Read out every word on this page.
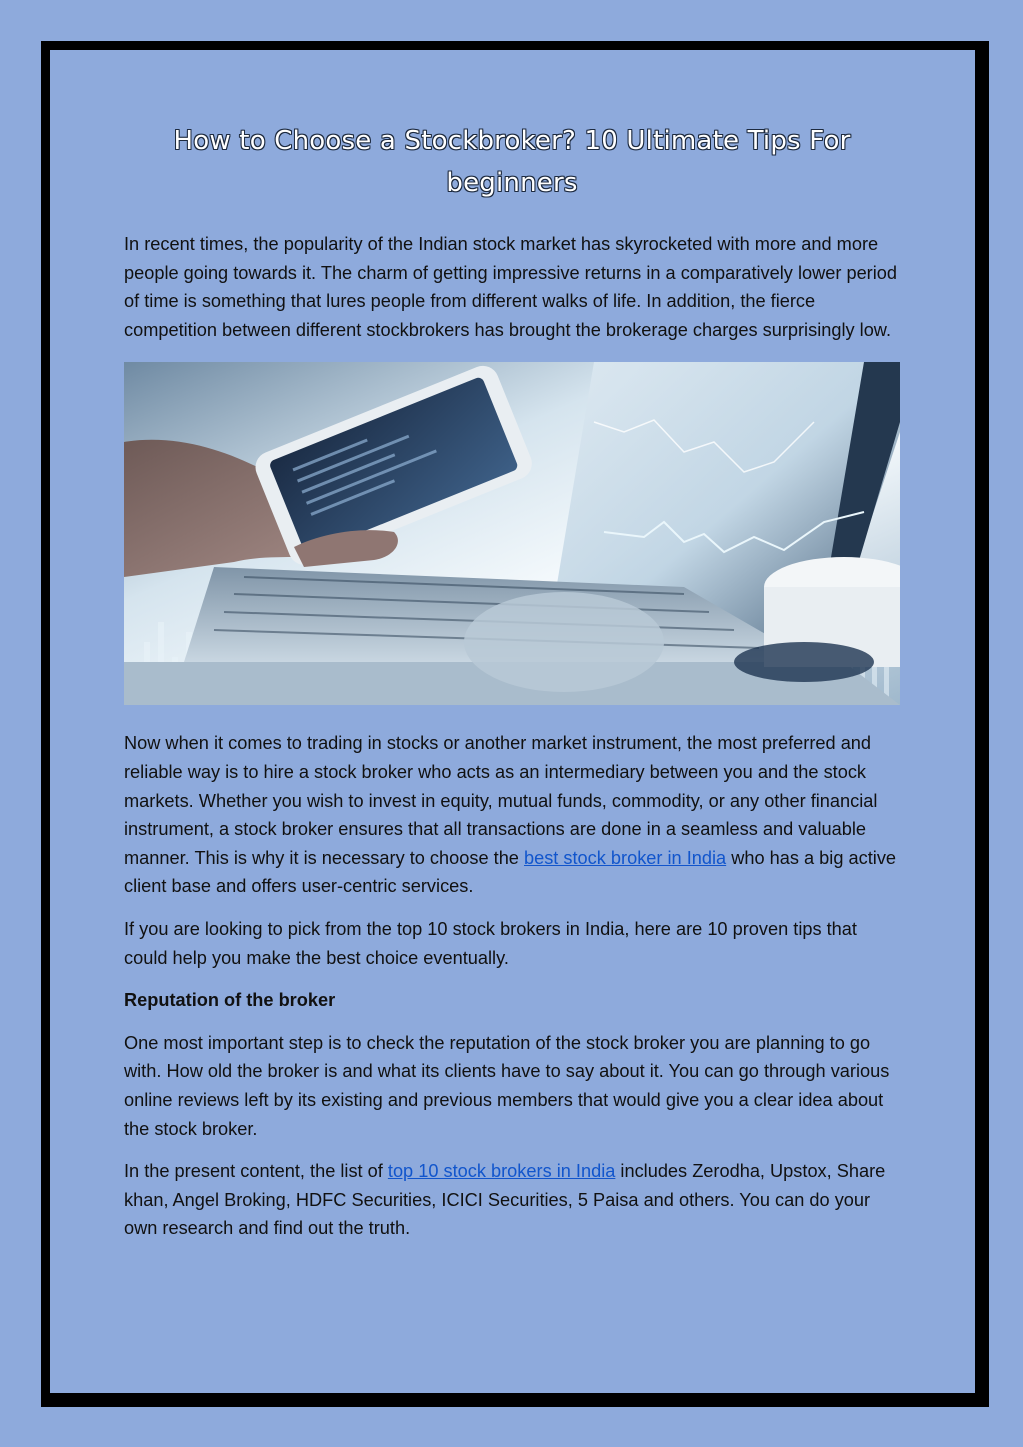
How to Choose a Stockbroker? 10 Ultimate Tips For beginners

In recent times, the popularity of the Indian stock market has skyrocketed with more and more people going towards it. The charm of getting impressive returns in a comparatively lower period of time is something that lures people from different walks of life. In addition, the fierce competition between different stockbrokers has brought the brokerage charges surprisingly low.

Now when it comes to trading in stocks or another market instrument, the most preferred and reliable way is to hire a stock broker who acts as an intermediary between you and the stock markets. Whether you wish to invest in equity, mutual funds, commodity, or any other financial instrument, a stock broker ensures that all transactions are done in a seamless and valuable manner. This is why it is necessary to choose the best stock broker in India who has a big active client base and offers user-centric services.

If you are looking to pick from the top 10 stock brokers in India, here are 10 proven tips that could help you make the best choice eventually.

Reputation of the broker

One most important step is to check the reputation of the stock broker you are planning to go with. How old the broker is and what its clients have to say about it. You can go through various online reviews left by its existing and previous members that would give you a clear idea about the stock broker.

In the present content, the list of top 10 stock brokers in India includes Zerodha, Upstox, Share khan, Angel Broking, HDFC Securities, ICICI Securities, 5 Paisa and others. You can do your own research and find out the truth.
